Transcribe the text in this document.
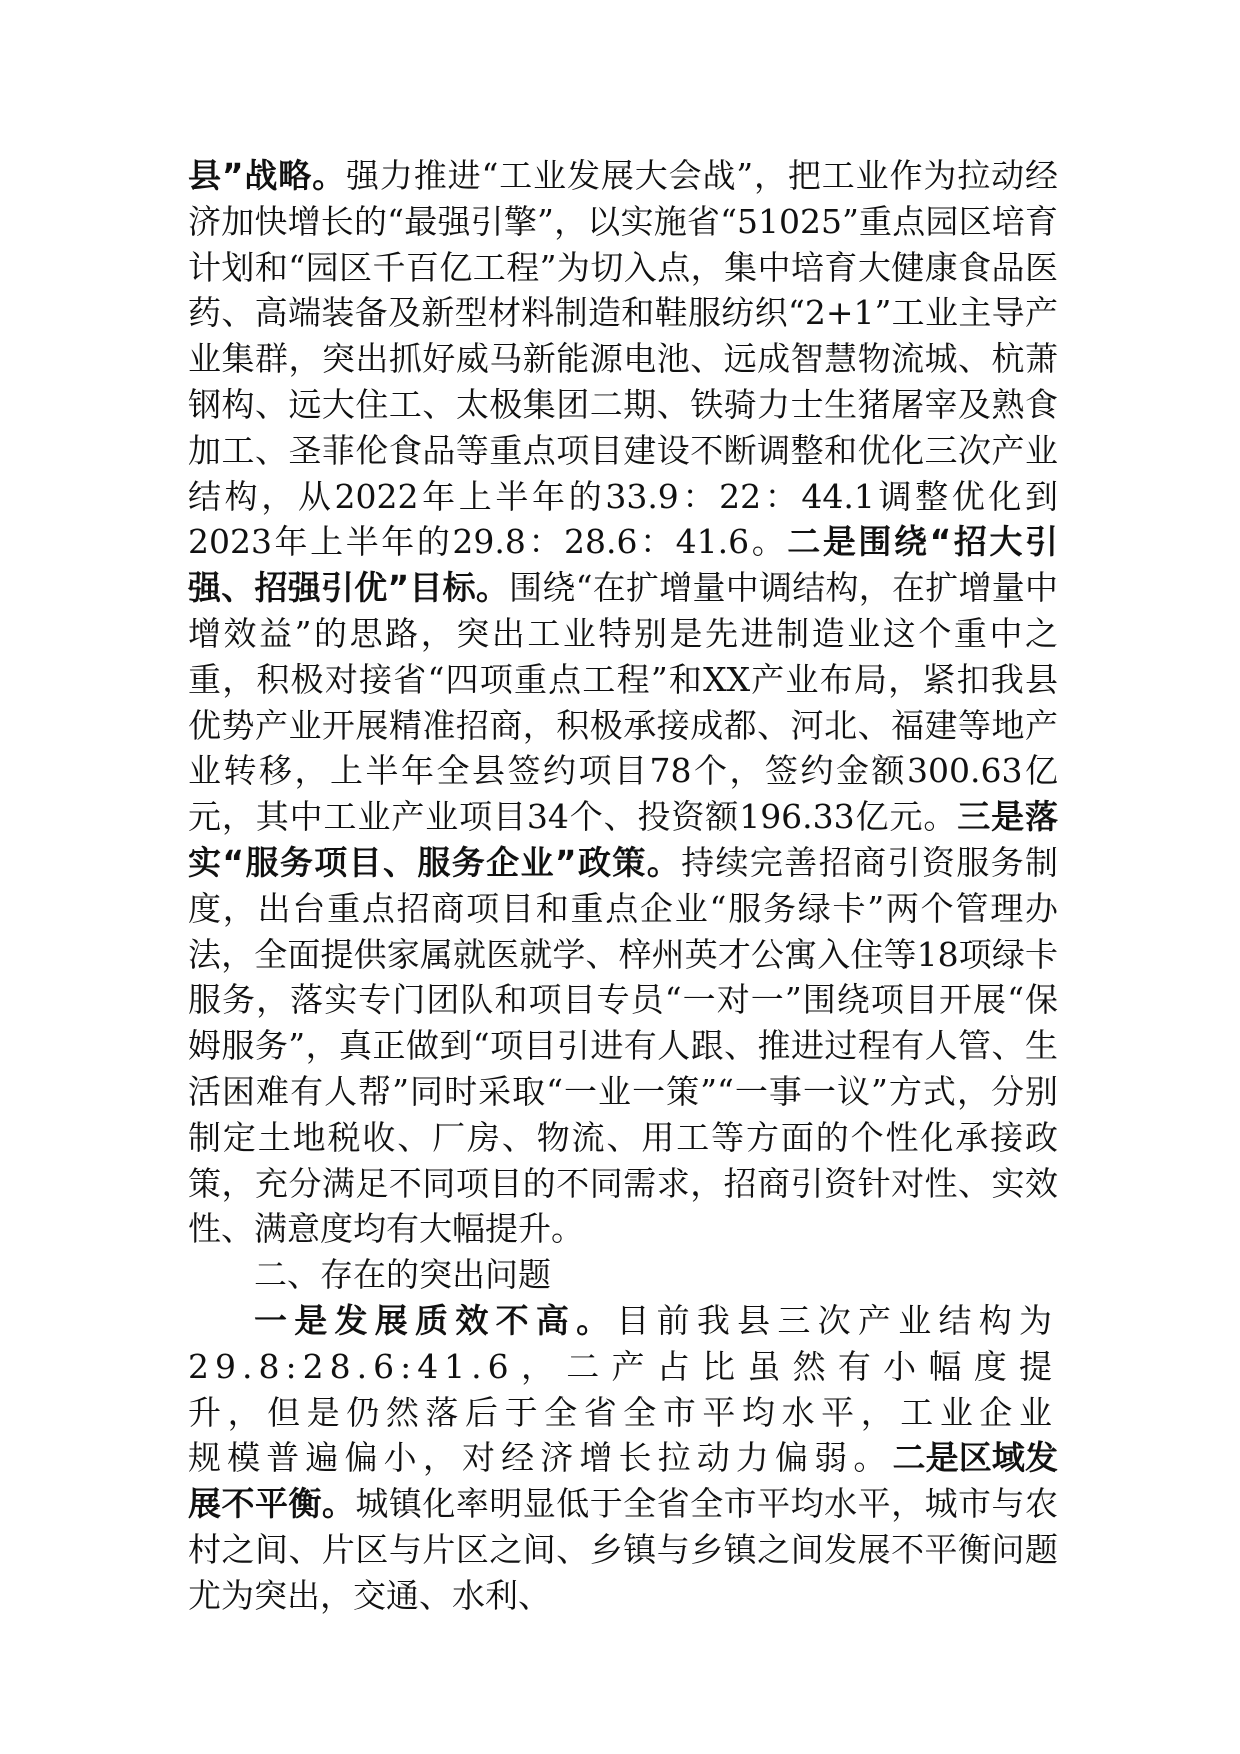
县”战略。强力推进“工业发展大会战”，把工业作为拉动经济加快增长的“最强引擎”，以实施省“51025”重点园区培育计划和“园区千百亿工程”为切入点，集中培育大健康食品医药、高端装备及新型材料制造和鞋服纺织“2+1”工业主导产业集群，突出抓好威马新能源电池、远成智慧物流城、杭萧钢构、远大住工、太极集团二期、铁骑力士生猪屠宰及熟食加工、圣菲伦食品等重点项目建设不断调整和优化三次产业结构，从2022年上半年的33.9：22：44.1调整优化到2023年上半年的29.8：28.6：41.6。二是围绕“招大引强、招强引优”目标。围绕“在扩增量中调结构，在扩增量中增效益”的思路，突出工业特别是先进制造业这个重中之重，积极对接省“四项重点工程”和XX产业布局，紧扣我县优势产业开展精准招商，积极承接成都、河北、福建等地产业转移，上半年全县签约项目78个，签约金额300.63亿元，其中工业产业项目34个、投资额196.33亿元。三是落实“服务项目、服务企业”政策。持续完善招商引资服务制度，出台重点招商项目和重点企业“服务绿卡”两个管理办法，全面提供家属就医就学、梓州英才公寓入住等18项绿卡服务，落实专门团队和项目专员“一对一”围绕项目开展“保姆服务”，真正做到“项目引进有人跟、推进过程有人管、生活困难有人帮”同时采取“一业一策”“一事一议”方式，分别制定土地税收、厂房、物流、用工等方面的个性化承接政策，充分满足不同项目的不同需求，招商引资针对性、实效性、满意度均有大幅提升。

二、存在的突出问题

一是发展质效不高。目前我县三次产业结构为29.8:28.6:41.6，二产占比虽然有小幅度提升，但是仍然落后于全省全市平均水平，工业企业规模普遍偏小，对经济增长拉动力偏弱。二是区域发展不平衡。城镇化率明显低于全省全市平均水平，城市与农村之间、片区与片区之间、乡镇与乡镇之间发展不平衡问题尤为突出，交通、水利、
